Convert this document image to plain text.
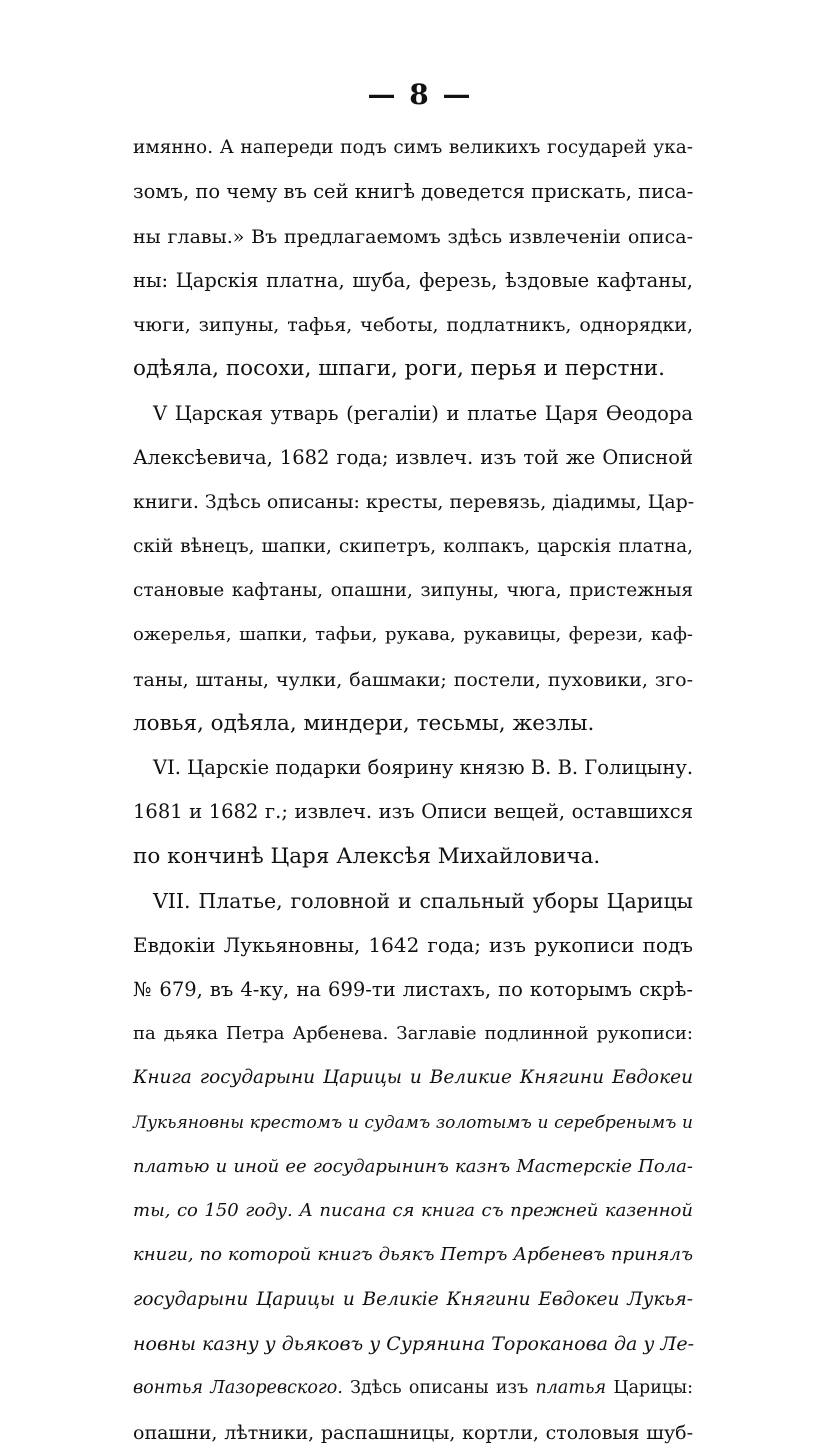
— 8 —
имянно. А напереди подъ симъ великихъ государей ука-
зомъ, по чему въ сей книгѣ доведется прискать, писа-
ны главы.» Въ предлагаемомъ здѣсь извлеченіи описа-
ны: Царскія платна, шуба, ферезь, ѣздовые кафтаны,
чюги, зипуны, тафья, чеботы, подлатникъ, однорядки,
одѣяла, посохи, шпаги, роги, перья и перстни.
V Царская утварь (регаліи) и платье Царя Ѳеодора
Алексѣевича, 1682 года; извлеч. изъ той же Описной
книги. Здѣсь описаны: кресты, перевязь, діадимы, Цар-
скій вѣнецъ, шапки, скипетръ, колпакъ, царскія платна,
становые кафтаны, опашни, зипуны, чюга, пристежныя
ожерелья, шапки, тафьи, рукава, рукавицы, ферези, каф-
таны, штаны, чулки, башмаки; постели, пуховики, зго-
ловья, одѣяла, миндери, тесьмы, жезлы.
VI. Царскіе подарки боярину князю В. В. Голицыну.
1681 и 1682 г.; извлеч. изъ Описи вещей, оставшихся
по кончинѣ Царя Алексѣя Михайловича.
VII. Платье, головной и спальный уборы Царицы
Евдокіи Лукьяновны, 1642 года; изъ рукописи подъ
№ 679, въ 4-ку, на 699-ти листахъ, по которымъ скрѣ-
па дьяка Петра Арбенева. Заглавіе подлинной рукописи:
Книга государыни Царицы и Великие Княгини Евдокеи
Лукьяновны крестомъ и судамъ золотымъ и серебренымъ и
платью и иной ее государынинъ казнъ Мастерскіе Пола-
ты, со 150 году. А писана ся книга съ прежней казенной
книги, по которой книгъ дьякъ Петръ Арбеневъ принялъ
государыни Царицы и Великіе Княгини Евдокеи Лукья-
новны казну у дьяковъ у Сурянина Тороканова да у Ле-
вонтья Лазоревского. Здѣсь описаны изъ платья Царицы:
опашни, лѣтники, распашницы, кортли, столовыя шуб-
